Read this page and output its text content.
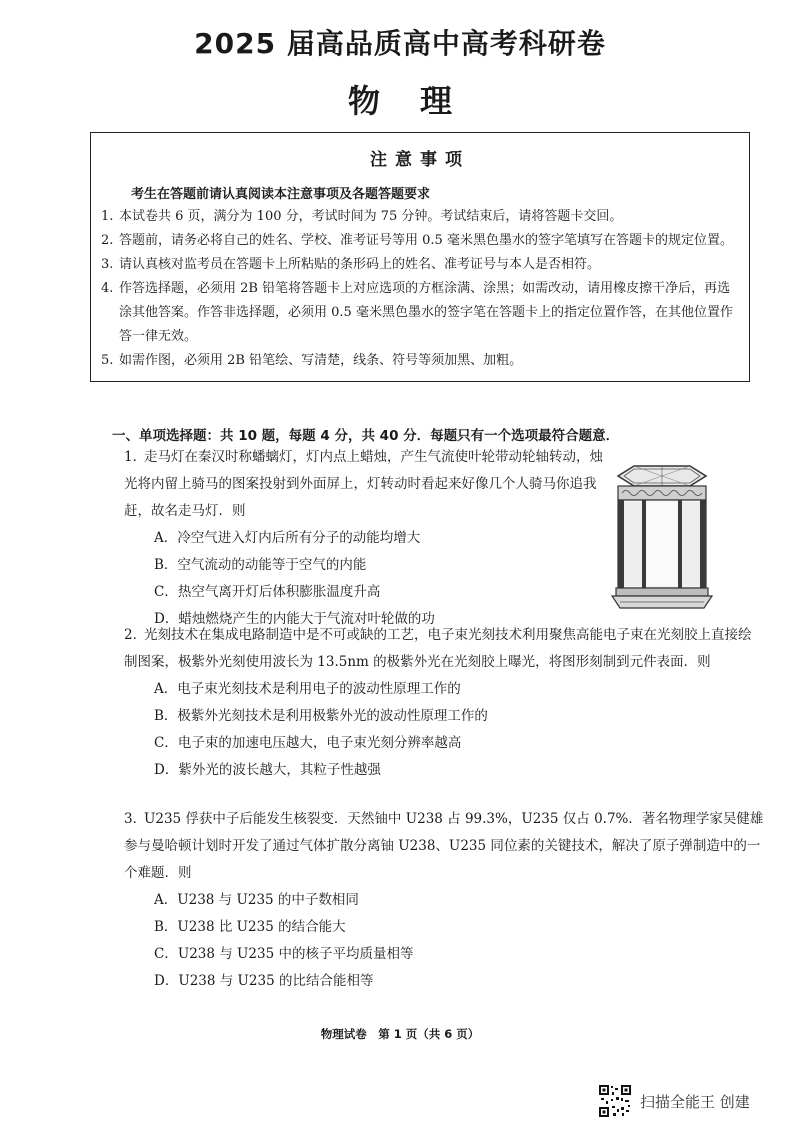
2025 届高品质高中高考科研卷
物理
注意事项
考生在答题前请认真阅读本注意事项及各题答题要求
1. 本试卷共 6 页，满分为 100 分，考试时间为 75 分钟。考试结束后，请将答题卡交回。
2. 答题前，请务必将自己的姓名、学校、准考证号等用 0.5 毫米黑色墨水的签字笔填写在答题卡的规定位置。
3. 请认真核对监考员在答题卡上所粘贴的条形码上的姓名、准考证号与本人是否相符。
4. 作答选择题，必须用 2B 铅笔将答题卡上对应选项的方框涂满、涂黑；如需改动，请用橡皮擦干净后，再选涂其他答案。作答非选择题，必须用 0.5 毫米黑色墨水的签字笔在答题卡上的指定位置作答，在其他位置作答一律无效。
5. 如需作图，必须用 2B 铅笔绘、写清楚，线条、符号等须加黑、加粗。
一、单项选择题：共 10 题，每题 4 分，共 40 分．每题只有一个选项最符合题意．

1．走马灯在秦汉时称蟠螭灯，灯内点上蜡烛，产生气流使叶轮带动轮轴转动，烛光将内留上骑马的图案投射到外面屏上，灯转动时看起来好像几个人骑马你追我赶，故名走马灯．则

A．冷空气进入灯内后所有分子的动能均增大

B．空气流动的动能等于空气的内能

C．热空气离开灯后体积膨胀温度升高

D．蜡烛燃烧产生的内能大于气流对叶轮做的功

2．光刻技术在集成电路制造中是不可或缺的工艺，电子束光刻技术利用聚焦高能电子束在光刻胶上直接绘制图案，极紫外光刻使用波长为 13.5nm 的极紫外光在光刻胶上曝光，将图形刻制到元件表面．则

A．电子束光刻技术是利用电子的波动性原理工作的

B．极紫外光刻技术是利用极紫外光的波动性原理工作的

C．电子束的加速电压越大，电子束光刻分辨率越高

D．紫外光的波长越大，其粒子性越强

3．U235 俘获中子后能发生核裂变．天然铀中 U238 占 99.3%，U235 仅占 0.7%．著名物理学家吴健雄参与曼哈顿计划时开发了通过气体扩散分离铀 U238、U235 同位素的关键技术，解决了原子弹制造中的一个难题．则

A．U238 与 U235 的中子数相同

B．U238 比 U235 的结合能大

C．U238 与 U235 中的核子平均质量相等

D．U238 与 U235 的比结合能相等

物理试卷　第 1 页（共 6 页）
扫描全能王 创建
